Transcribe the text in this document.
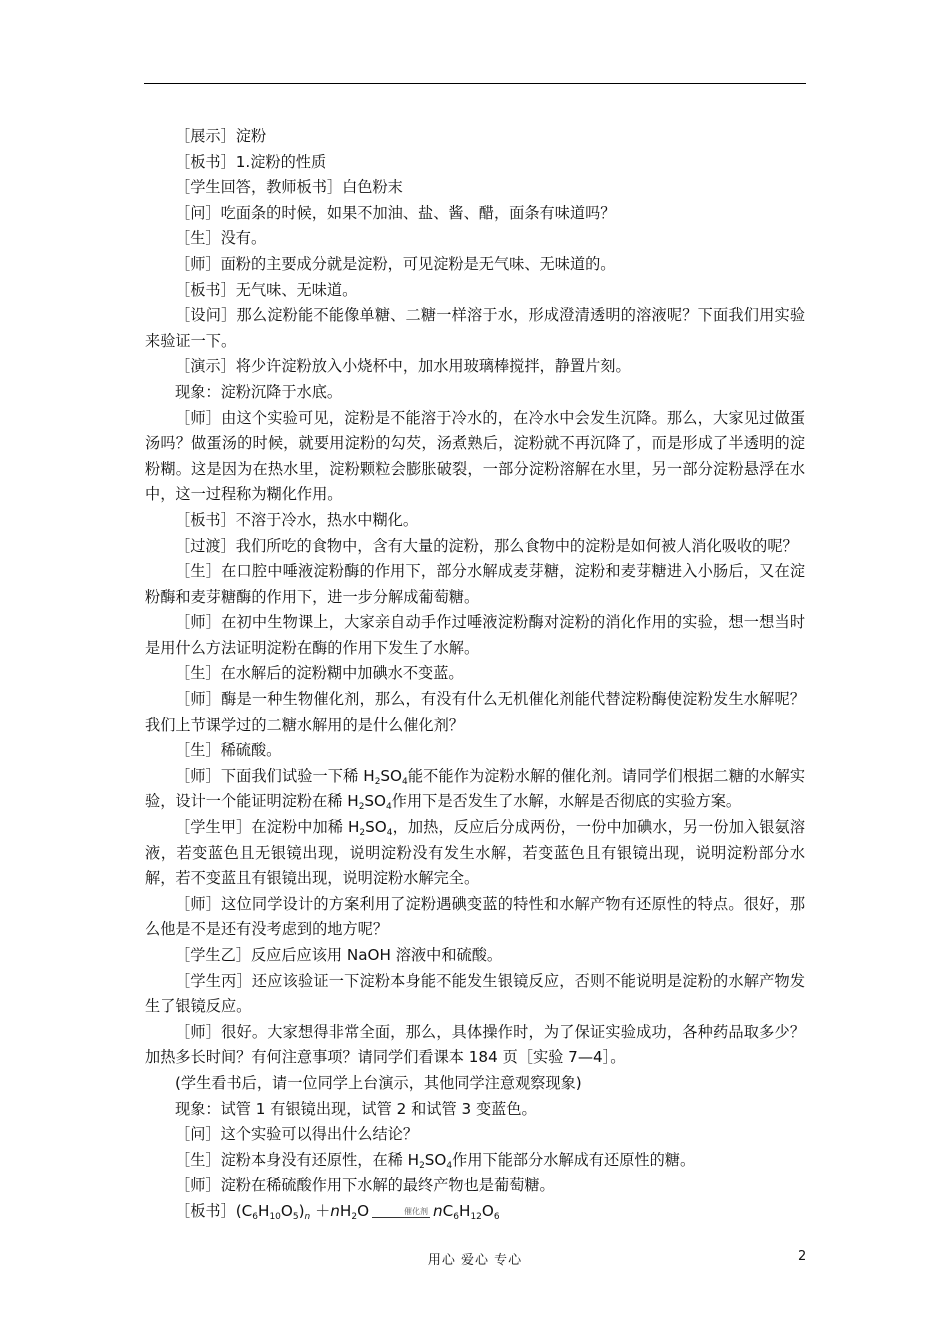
［展示］淀粉

［板书］1.淀粉的性质

［学生回答，教师板书］白色粉末

［问］吃面条的时候，如果不加油、盐、酱、醋，面条有味道吗？

［生］没有。

［师］面粉的主要成分就是淀粉，可见淀粉是无气味、无味道的。

［板书］无气味、无味道。

［设问］那么淀粉能不能像单糖、二糖一样溶于水，形成澄清透明的溶液呢？下面我们用实验来验证一下。

［演示］将少许淀粉放入小烧杯中，加水用玻璃棒搅拌，静置片刻。

现象：淀粉沉降于水底。

［师］由这个实验可见，淀粉是不能溶于冷水的，在冷水中会发生沉降。那么，大家见过做蛋汤吗？做蛋汤的时候，就要用淀粉的勾芡，汤煮熟后，淀粉就不再沉降了，而是形成了半透明的淀粉糊。这是因为在热水里，淀粉颗粒会膨胀破裂，一部分淀粉溶解在水里，另一部分淀粉悬浮在水中，这一过程称为糊化作用。

［板书］不溶于冷水，热水中糊化。

［过渡］我们所吃的食物中，含有大量的淀粉，那么食物中的淀粉是如何被人消化吸收的呢？

［生］在口腔中唾液淀粉酶的作用下，部分水解成麦芽糖，淀粉和麦芽糖进入小肠后，又在淀粉酶和麦芽糖酶的作用下，进一步分解成葡萄糖。

［师］在初中生物课上，大家亲自动手作过唾液淀粉酶对淀粉的消化作用的实验，想一想当时是用什么方法证明淀粉在酶的作用下发生了水解。

［生］在水解后的淀粉糊中加碘水不变蓝。

［师］酶是一种生物催化剂，那么，有没有什么无机催化剂能代替淀粉酶使淀粉发生水解呢？我们上节课学过的二糖水解用的是什么催化剂？

［生］稀硫酸。

［师］下面我们试验一下稀 $H_2SO_4$能不能作为淀粉水解的催化剂。请同学们根据二糖的水解实验，设计一个能证明淀粉在稀 $H_2SO_4$作用下是否发生了水解，水解是否彻底的实验方案。

［学生甲］在淀粉中加稀 $H_2SO_4$，加热，反应后分成两份，一份中加碘水，另一份加入银氨溶液，若变蓝色且无银镜出现，说明淀粉没有发生水解，若变蓝色且有银镜出现，说明淀粉部分水解，若不变蓝且有银镜出现，说明淀粉水解完全。

［师］这位同学设计的方案利用了淀粉遇碘变蓝的特性和水解产物有还原性的特点。很好，那么他是不是还有没考虑到的地方呢？

［学生乙］反应后应该用 NaOH 溶液中和硫酸。

［学生丙］还应该验证一下淀粉本身能不能发生银镜反应，否则不能说明是淀粉的水解产物发生了银镜反应。

［师］很好。大家想得非常全面，那么，具体操作时，为了保证实验成功，各种药品取多少？加热多长时间？有何注意事项？请同学们看课本 184 页［实验 7—4］。

(学生看书后，请一位同学上台演示，其他同学注意观察现象)

现象：试管 1 有银镜出现，试管 2 和试管 3 变蓝色。

［问］这个实验可以得出什么结论？

［生］淀粉本身没有还原性，在稀 $H_2SO_4$作用下能部分水解成有还原性的糖。

［师］淀粉在稀硫酸作用下水解的最终产物也是葡萄糖。

［板书$](C_6H_{10}O_5)_n +nH_2O$	催化剂 $nC_6H_{12}O_6$

用心 爱心 专心	2
